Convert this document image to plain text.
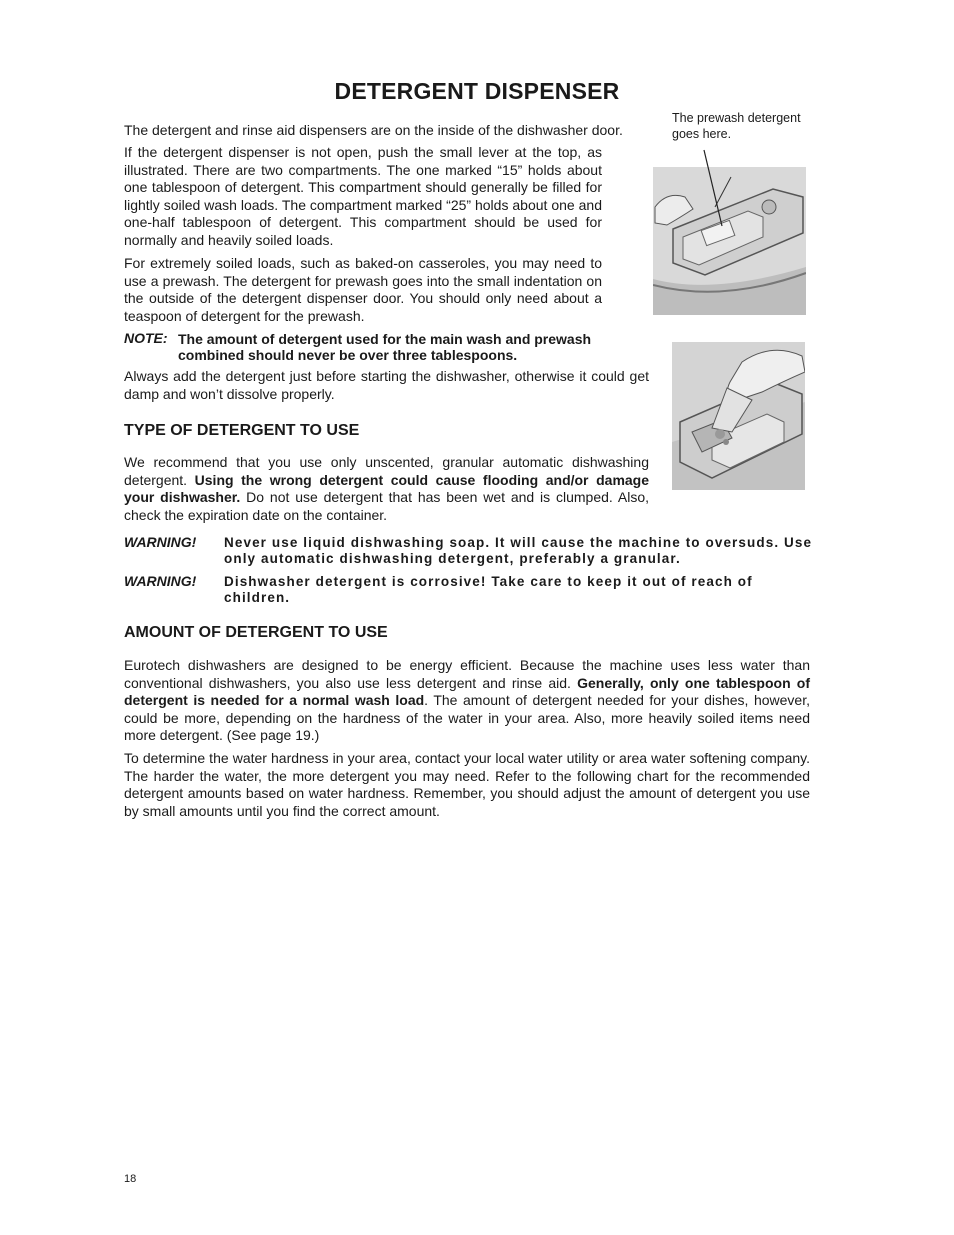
DETERGENT DISPENSER

The detergent and rinse aid dispensers are on the inside of the dishwasher door.

If the detergent dispenser is not open, push the small lever at the top, as illustrated. There are two compartments. The one marked “15” holds about one tablespoon of detergent. This compartment should generally be filled for lightly soiled wash loads. The compartment marked “25” holds about one and one-half tablespoon of detergent. This compartment should be used for normally and heavily soiled loads.

For extremely soiled loads, such as baked-on casseroles, you may need to use a prewash. The detergent for prewash goes into the small indentation on the outside of the detergent dispenser door. You should only need about a teaspoon of detergent for the prewash.

NOTE: The amount of detergent used for the main wash and prewash combined should never be over three tablespoons.

Always add the detergent just before starting the dishwasher, otherwise it could get damp and won’t dissolve properly.

The prewash detergent goes here.
TYPE OF DETERGENT TO USE

We recommend that you use only unscented, granular automatic dishwashing detergent. Using the wrong detergent could cause flooding and/or damage your dishwasher. Do not use detergent that has been wet and is clumped. Also, check the expiration date on the container.

WARNING! Never use liquid dishwashing soap. It will cause the machine to oversuds. Use only automatic dishwashing detergent, preferably a granular.
WARNING! Dishwasher detergent is corrosive! Take care to keep it out of reach of children.
AMOUNT OF DETERGENT TO USE

Eurotech dishwashers are designed to be energy efficient. Because the machine uses less water than conventional dishwashers, you also use less detergent and rinse aid. Generally, only one tablespoon of detergent is needed for a normal wash load. The amount of detergent needed for your dishes, however, could be more, depending on the hardness of the water in your area. Also, more heavily soiled items need more detergent. (See page 19.)

To determine the water hardness in your area, contact your local water utility or area water softening company. The harder the water, the more detergent you may need. Refer to the following chart for the recommended detergent amounts based on water hardness. Remember, you should adjust the amount of detergent you use by small amounts until you find the correct amount.

18
